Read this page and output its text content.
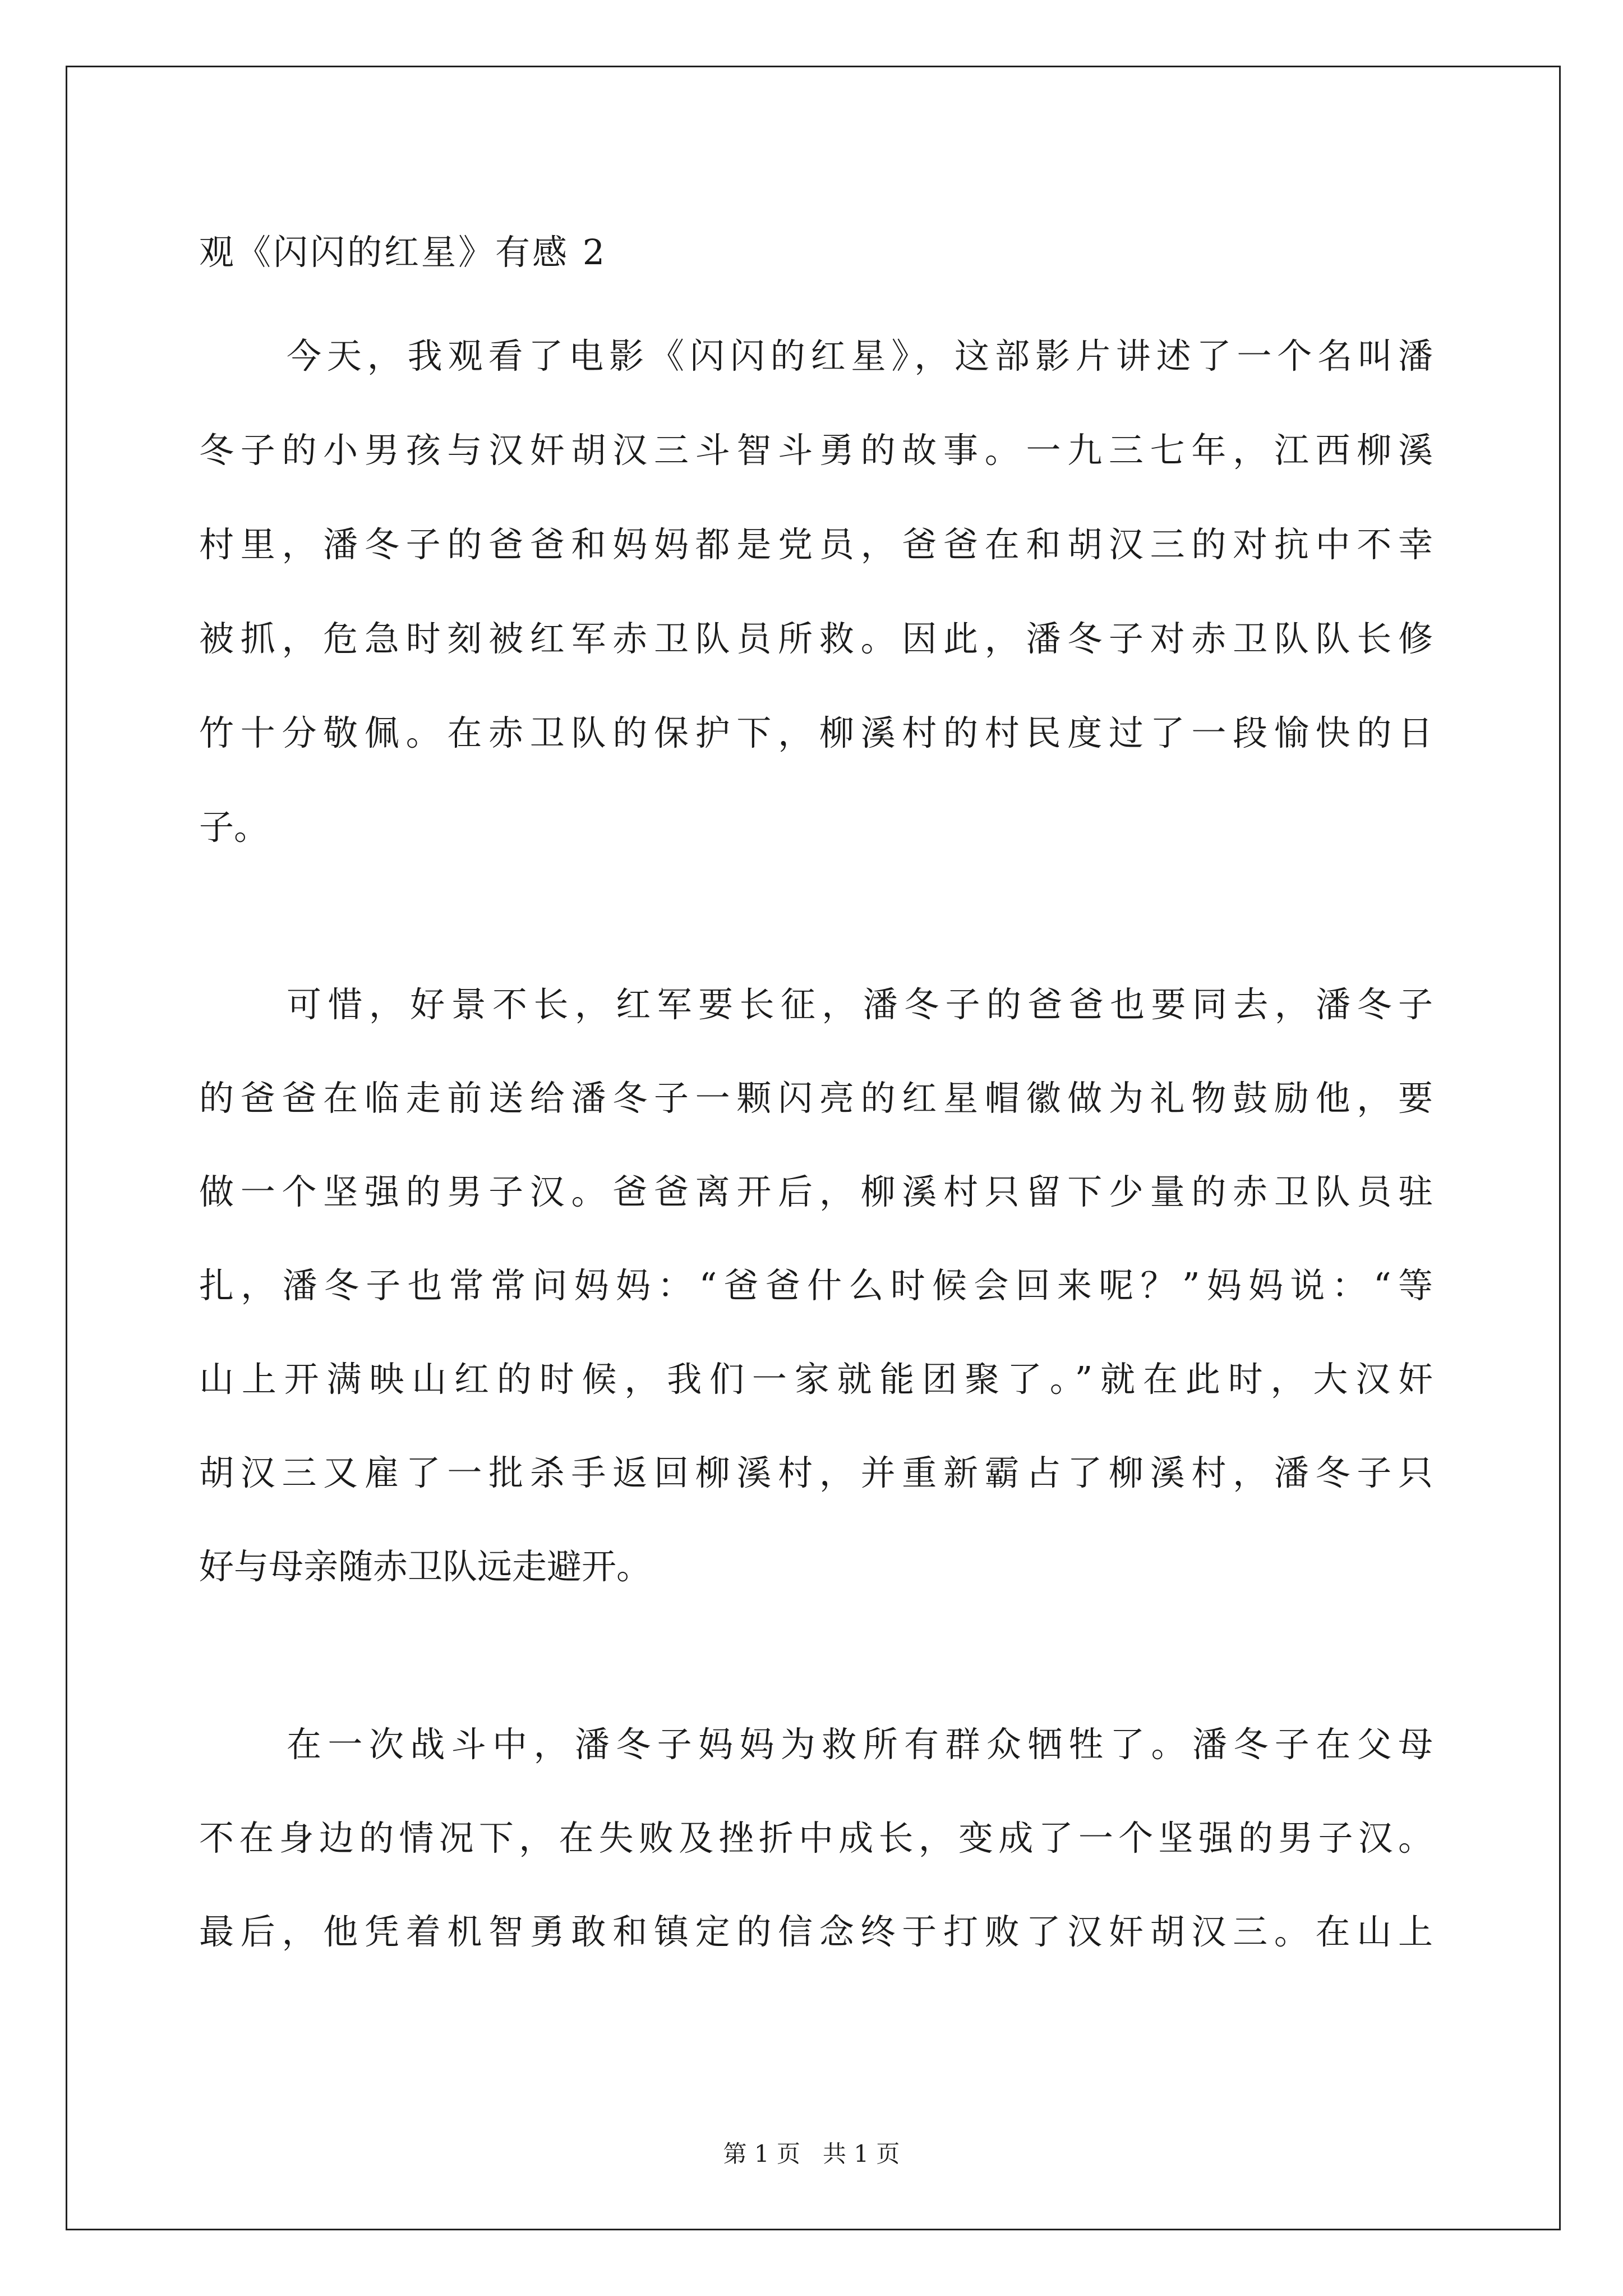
观《闪闪的红星》有感 2
今天，我观看了电影《闪闪的红星》，这部影片讲述了一个名叫潘
冬子的小男孩与汉奸胡汉三斗智斗勇的故事。一九三七年，江西柳溪
村里，潘冬子的爸爸和妈妈都是党员，爸爸在和胡汉三的对抗中不幸
被抓，危急时刻被红军赤卫队员所救。因此，潘冬子对赤卫队队长修
竹十分敬佩。在赤卫队的保护下，柳溪村的村民度过了一段愉快的日
子。
可惜，好景不长，红军要长征，潘冬子的爸爸也要同去，潘冬子
的爸爸在临走前送给潘冬子一颗闪亮的红星帽徽做为礼物鼓励他，要
做一个坚强的男子汉。爸爸离开后，柳溪村只留下少量的赤卫队员驻
扎，潘冬子也常常问妈妈：“爸爸什么时候会回来呢？”妈妈说：“等
山上开满映山红的时候，我们一家就能团聚了。”就在此时，大汉奸
胡汉三又雇了一批杀手返回柳溪村，并重新霸占了柳溪村，潘冬子只
好与母亲随赤卫队远走避开。
在一次战斗中，潘冬子妈妈为救所有群众牺牲了。潘冬子在父母
不在身边的情况下，在失败及挫折中成长，变成了一个坚强的男子汉。
最后，他凭着机智勇敢和镇定的信念终于打败了汉奸胡汉三。在山上
第 1 页 共 1 页
